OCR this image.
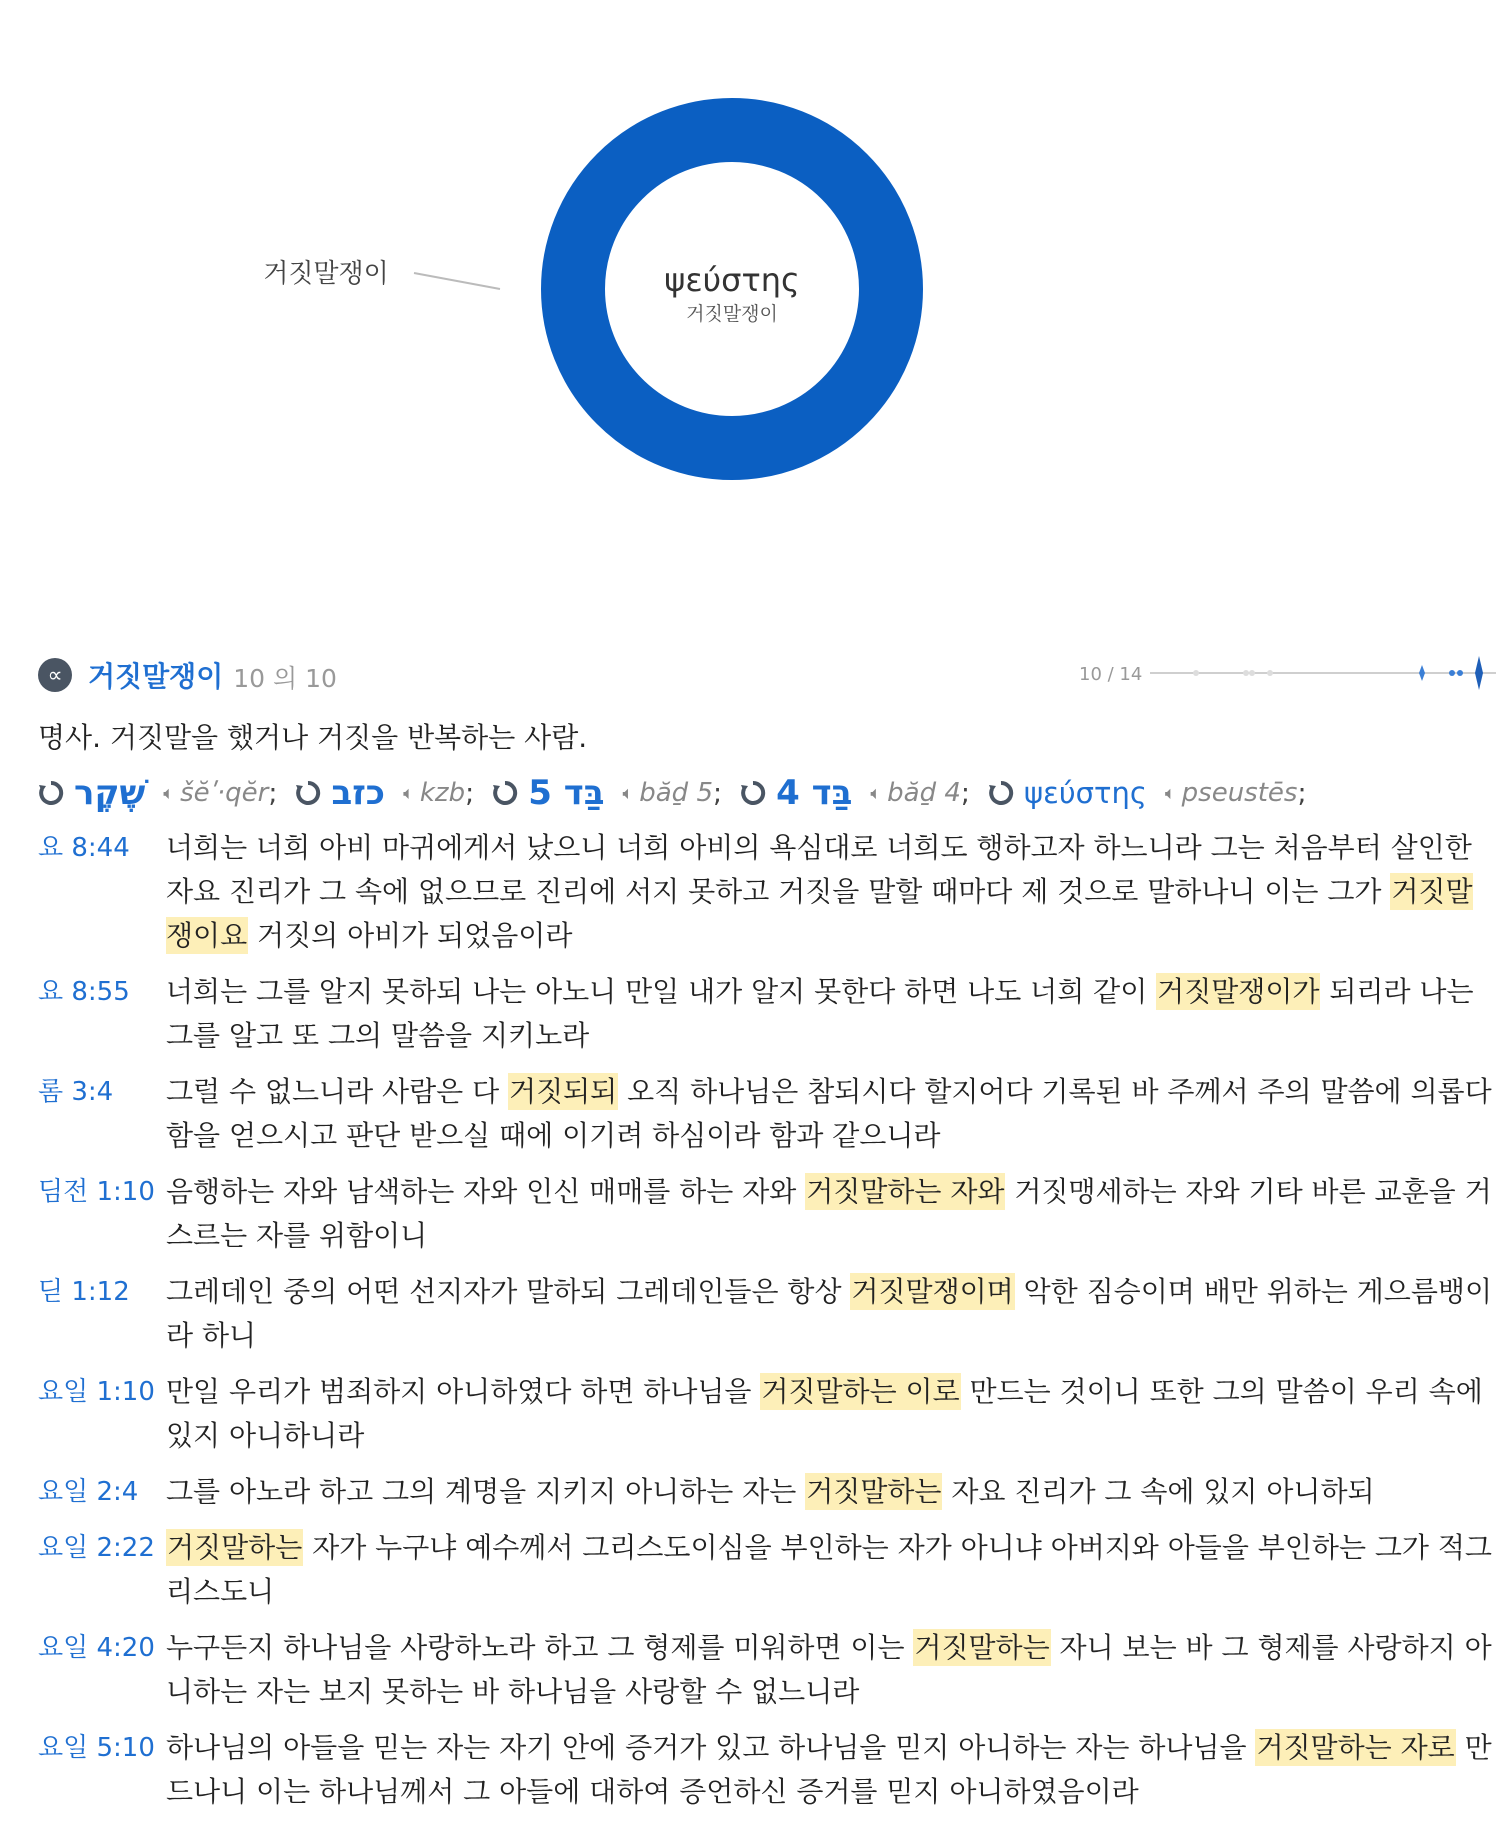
거짓말쟁이	ψεύστης
거짓말쟁이
∝ 거짓말쟁이 10 의 10	10 / 14
명사. 거짓말을 했거나 거짓을 반복하는 사람.
שֶׁקֶר 🔈︎ šĕʹ·qĕr ; כזב 🔈︎ kzb ; בַּד 5 🔈︎ băḏ 5 ; בַּד 4 🔈︎ băḏ 4 ; ψεύστης 🔈︎ pseustēs ;
요 8:44 너희는 너희 아비 마귀에게서 났으니 너희 아비의 욕심대로 너희도 행하고자 하느니라 그는 처음부터 살인한 자요 진리가 그 속에 없으므로 진리에 서지 못하고 거짓을 말할 때마다 제 것으로 말하나니 이는 그가 거짓말쟁이요 거짓의 아비가 되었음이라
요 8:55 너희는 그를 알지 못하되 나는 아노니 만일 내가 알지 못한다 하면 나도 너희 같이 거짓말쟁이가 되리라 나는 그를 알고 또 그의 말씀을 지키노라
롬 3:4 그럴 수 없느니라 사람은 다 거짓되되 오직 하나님은 참되시다 할지어다 기록된 바 주께서 주의 말씀에 의롭다 함을 얻으시고 판단 받으실 때에 이기려 하심이라 함과 같으니라
딤전 1:10 음행하는 자와 남색하는 자와 인신 매매를 하는 자와 거짓말하는 자와 거짓맹세하는 자와 기타 바른 교훈을 거스르는 자를 위함이니
딛 1:12 그레데인 중의 어떤 선지자가 말하되 그레데인들은 항상 거짓말쟁이며 악한 짐승이며 배만 위하는 게으름뱅이라 하니
요일 1:10 만일 우리가 범죄하지 아니하였다 하면 하나님을 거짓말하는 이로 만드는 것이니 또한 그의 말씀이 우리 속에 있지 아니하니라
요일 2:4 그를 아노라 하고 그의 계명을 지키지 아니하는 자는 거짓말하는 자요 진리가 그 속에 있지 아니하되
요일 2:22 거짓말하는 자가 누구냐 예수께서 그리스도이심을 부인하는 자가 아니냐 아버지와 아들을 부인하는 그가 적그리스도니
요일 4:20 누구든지 하나님을 사랑하노라 하고 그 형제를 미워하면 이는 거짓말하는 자니 보는 바 그 형제를 사랑하지 아니하는 자는 보지 못하는 바 하나님을 사랑할 수 없느니라
요일 5:10 하나님의 아들을 믿는 자는 자기 안에 증거가 있고 하나님을 믿지 아니하는 자는 하나님을 거짓말하는 자로 만드나니 이는 하나님께서 그 아들에 대하여 증언하신 증거를 믿지 아니하였음이라
